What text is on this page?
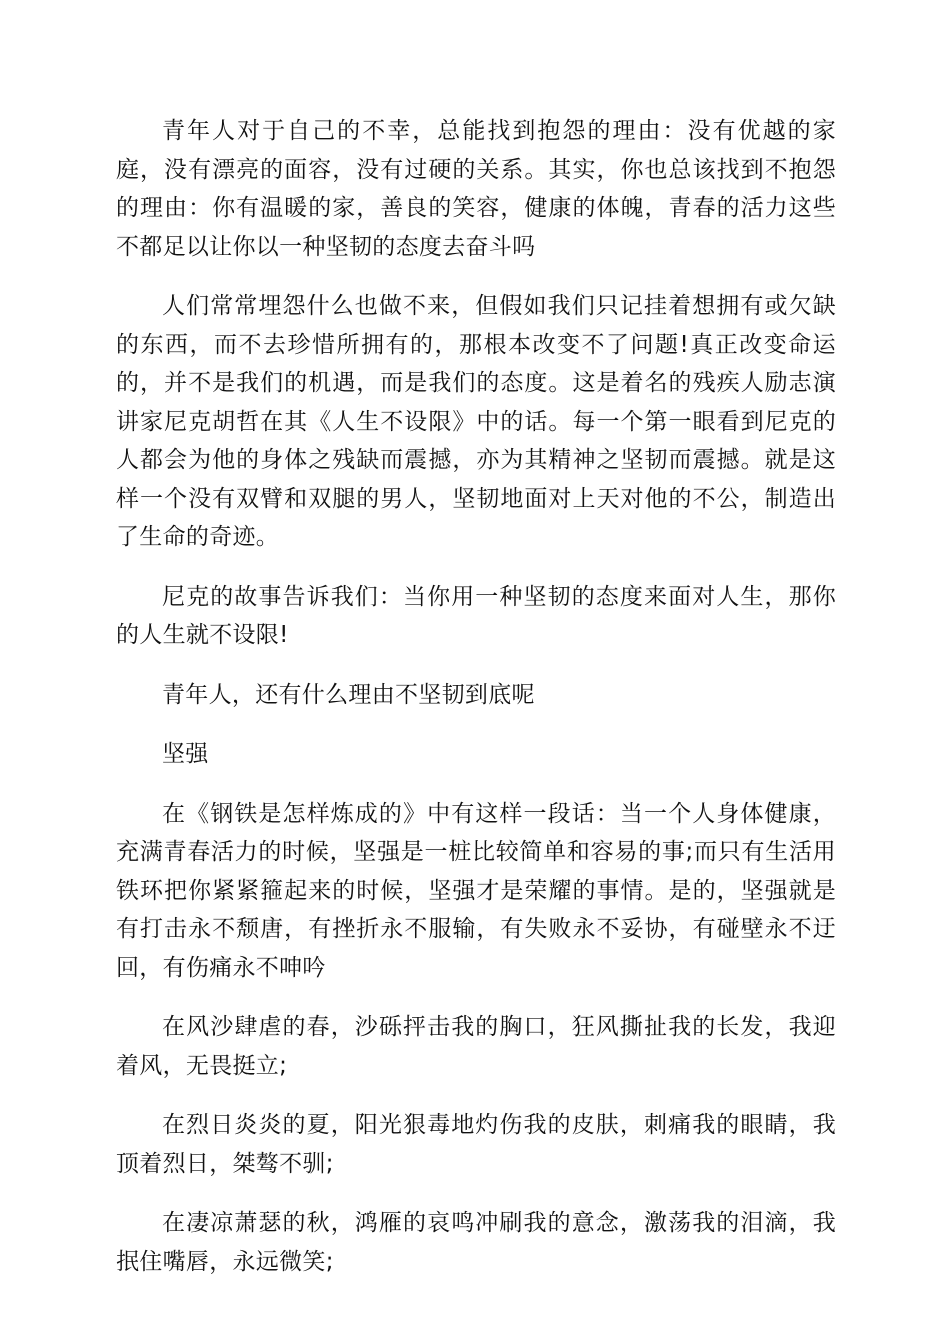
青年人对于自己的不幸，总能找到抱怨的理由：没有优越的家庭，没有漂亮的面容，没有过硬的关系。其实，你也总该找到不抱怨的理由：你有温暖的家，善良的笑容，健康的体魄，青春的活力这些不都足以让你以一种坚韧的态度去奋斗吗

人们常常埋怨什么也做不来，但假如我们只记挂着想拥有或欠缺的东西，而不去珍惜所拥有的，那根本改变不了问题!真正改变命运的，并不是我们的机遇，而是我们的态度。这是着名的残疾人励志演讲家尼克胡哲在其《人生不设限》中的话。每一个第一眼看到尼克的人都会为他的身体之残缺而震撼，亦为其精神之坚韧而震撼。就是这样一个没有双臂和双腿的男人，坚韧地面对上天对他的不公，制造出了生命的奇迹。

尼克的故事告诉我们：当你用一种坚韧的态度来面对人生，那你的人生就不设限!

青年人，还有什么理由不坚韧到底呢

坚强

在《钢铁是怎样炼成的》中有这样一段话：当一个人身体健康，充满青春活力的时候，坚强是一桩比较简单和容易的事;而只有生活用铁环把你紧紧箍起来的时候，坚强才是荣耀的事情。是的，坚强就是有打击永不颓唐，有挫折永不服输，有失败永不妥协，有碰壁永不迂回，有伤痛永不呻吟

在风沙肆虐的春，沙砾抨击我的胸口，狂风撕扯我的长发，我迎着风，无畏挺立;

在烈日炎炎的夏，阳光狠毒地灼伤我的皮肤，刺痛我的眼睛，我顶着烈日，桀骜不驯;

在凄凉萧瑟的秋，鸿雁的哀鸣冲刷我的意念，激荡我的泪滴，我抿住嘴唇，永远微笑;
